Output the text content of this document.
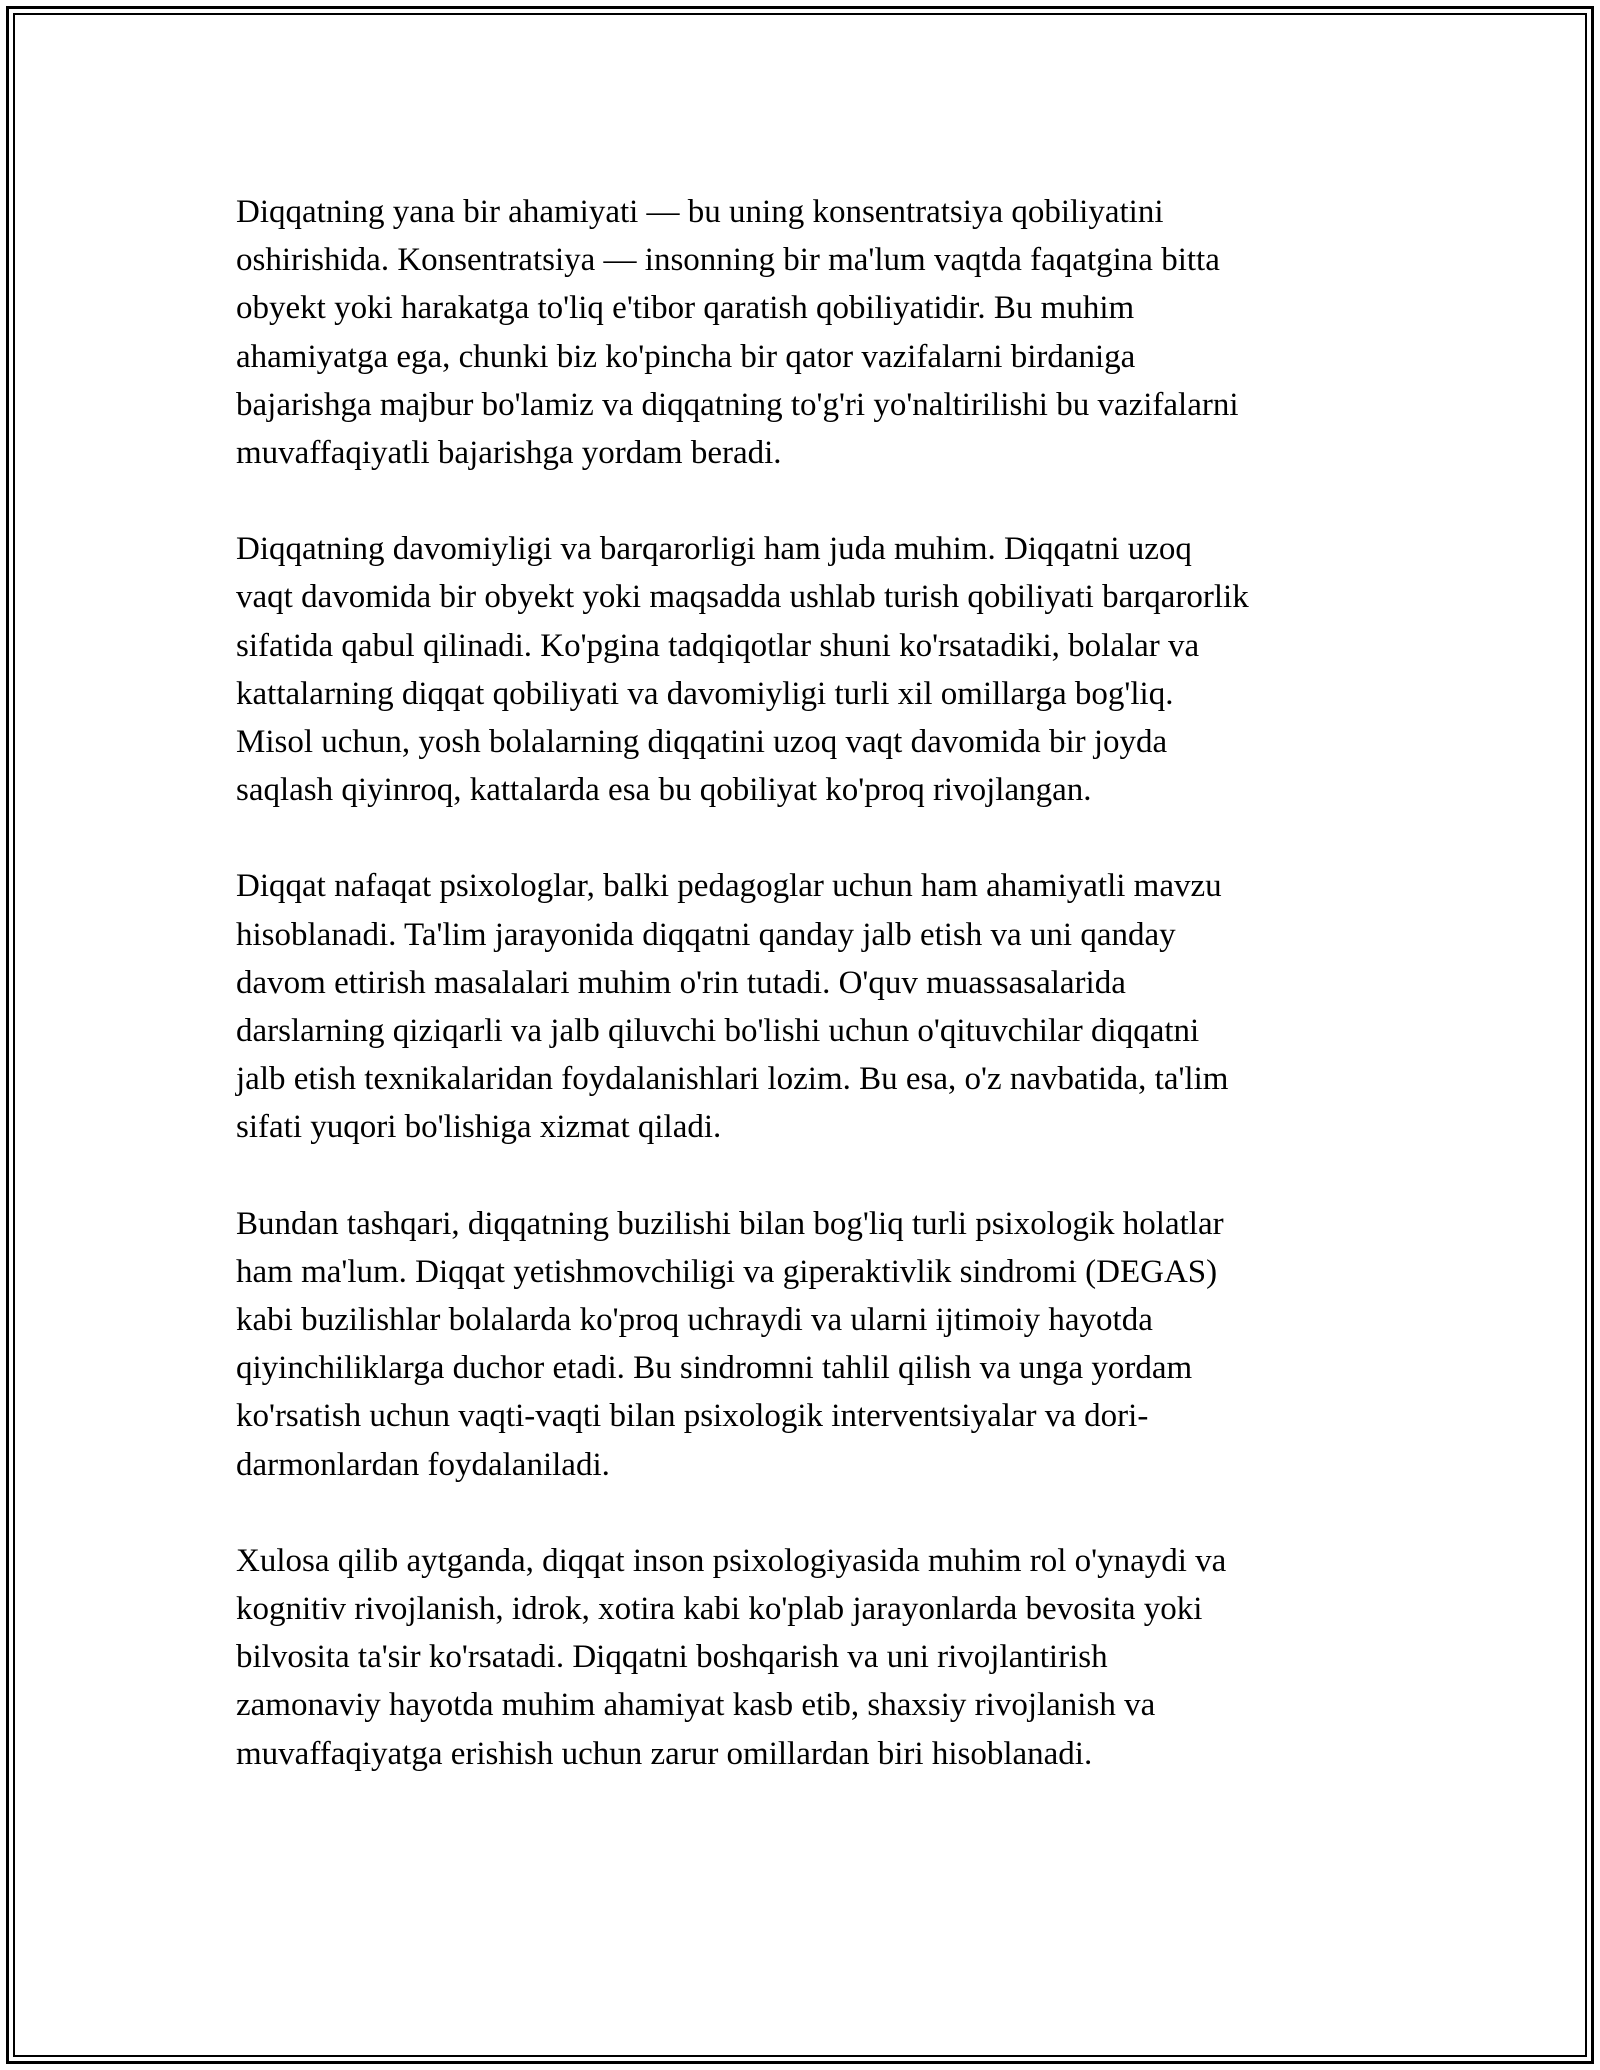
Diqqatning yana bir ahamiyati — bu uning konsentratsiya qobiliyatini
oshirishida. Konsentratsiya — insonning bir ma'lum vaqtda faqatgina bitta
obyekt yoki harakatga to'liq e'tibor qaratish qobiliyatidir. Bu muhim
ahamiyatga ega, chunki biz ko'pincha bir qator vazifalarni birdaniga
bajarishga majbur bo'lamiz va diqqatning to'g'ri yo'naltirilishi bu vazifalarni
muvaffaqiyatli bajarishga yordam beradi.

Diqqatning davomiyligi va barqarorligi ham juda muhim. Diqqatni uzoq
vaqt davomida bir obyekt yoki maqsadda ushlab turish qobiliyati barqarorlik
sifatida qabul qilinadi. Ko'pgina tadqiqotlar shuni ko'rsatadiki, bolalar va
kattalarning diqqat qobiliyati va davomiyligi turli xil omillarga bog'liq.
Misol uchun, yosh bolalarning diqqatini uzoq vaqt davomida bir joyda
saqlash qiyinroq, kattalarda esa bu qobiliyat ko'proq rivojlangan.

Diqqat nafaqat psixologlar, balki pedagoglar uchun ham ahamiyatli mavzu
hisoblanadi. Ta'lim jarayonida diqqatni qanday jalb etish va uni qanday
davom ettirish masalalari muhim o'rin tutadi. O'quv muassasalarida
darslarning qiziqarli va jalb qiluvchi bo'lishi uchun o'qituvchilar diqqatni
jalb etish texnikalaridan foydalanishlari lozim. Bu esa, o'z navbatida, ta'lim
sifati yuqori bo'lishiga xizmat qiladi.

Bundan tashqari, diqqatning buzilishi bilan bog'liq turli psixologik holatlar
ham ma'lum. Diqqat yetishmovchiligi va giperaktivlik sindromi (DEGAS)
kabi buzilishlar bolalarda ko'proq uchraydi va ularni ijtimoiy hayotda
qiyinchiliklarga duchor etadi. Bu sindromni tahlil qilish va unga yordam
ko'rsatish uchun vaqti-vaqti bilan psixologik interventsiyalar va dori-
darmonlardan foydalaniladi.

Xulosa qilib aytganda, diqqat inson psixologiyasida muhim rol o'ynaydi va
kognitiv rivojlanish, idrok, xotira kabi ko'plab jarayonlarda bevosita yoki
bilvosita ta'sir ko'rsatadi. Diqqatni boshqarish va uni rivojlantirish
zamonaviy hayotda muhim ahamiyat kasb etib, shaxsiy rivojlanish va
muvaffaqiyatga erishish uchun zarur omillardan biri hisoblanadi.
